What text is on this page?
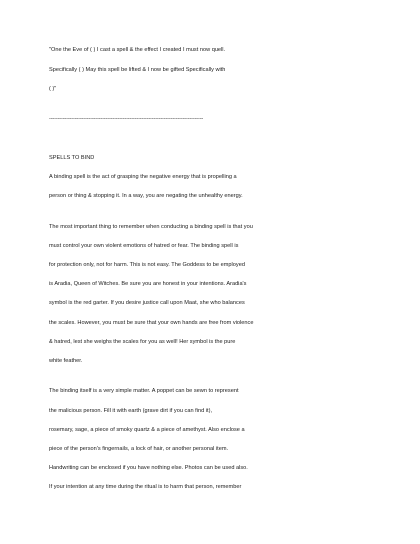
"One the Eve of ( ) I cast a spell & the effect I created I must now quell.
Specifically ( ) May this spell be lifted & I now be gifted Specifically with
( )"
------------------------------------------------------------------------------------------
SPELLS TO BIND
A binding spell is the act of grasping the negative energy that is propelling a
person or thing & stopping it. In a way, you are negating the unhealthy energy.
The most important thing to remember when conducting a binding spell is that you
must control your own violent emotions of hatred or fear. The binding spell is
for protection only, not for harm. This is not easy. The Goddess to be employed
is Aradia, Queen of Witches. Be sure you are honest in your intentions. Aradia's
symbol is the red garter. If you desire justice call upon Maat, she who balances
the scales. However, you must be sure that your own hands are free from violence
& hatred, lest she weighs the scales for you as well! Her symbol is the pure
white feather.
The binding itself is a very simple matter. A poppet can be sewn to represent
the malicious person. Fill it with earth (grave dirt if you can find it),
rosemary, sage, a piece of smoky quartz & a piece of amethyst. Also enclose a
piece of the person's fingernails, a lock of hair, or another personal item.
Handwriting can be enclosed if you have nothing else. Photos can be used also.
If your intention at any time during the ritual is to harm that person, remember
